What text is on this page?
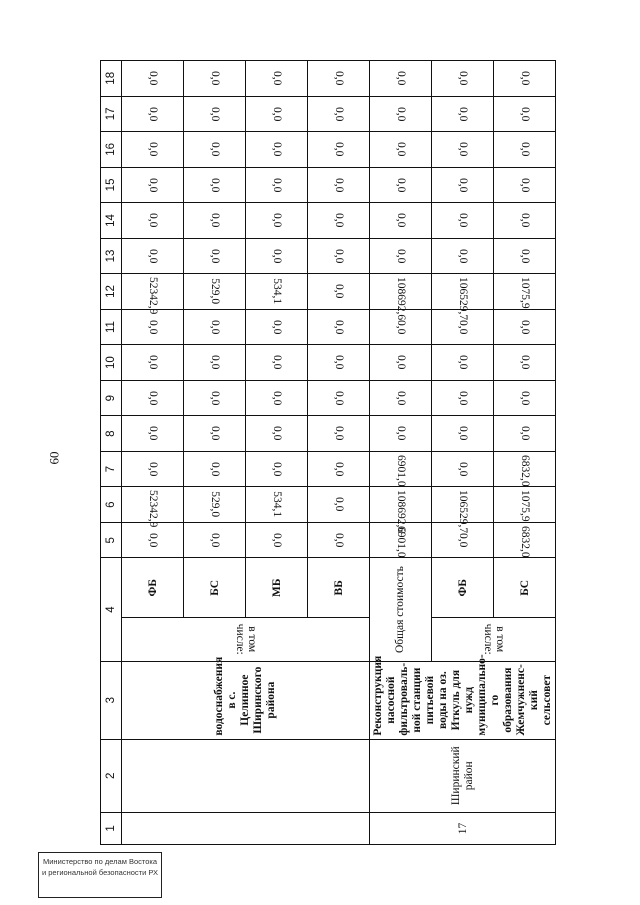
60
1	2	3	4		5	6	7	8	9	10	11	12	13	14	15	16	17	18
		водоснабжения в с. Целинное Ширинского района	в том числе:	ФБ	0,0	52342,9	0,0	0,0	0,0	0,0	0,0	52342,9	0,0	0,0	0,0	0,0	0,0	0,0
				БС	0,0	529,0	0,0	0,0	0,0	0,0	0,0	529,0	0,0	0,0	0,0	0,0	0,0	0,0
				МБ	0,0	534,1	0,0	0,0	0,0	0,0	0,0	534,1	0,0	0,0	0,0	0,0	0,0	0,0
				ВБ	0,0	0,0	0,0	0,0	0,0	0,0	0,0	0,0	0,0	0,0	0,0	0,0	0,0	0,0
17	Ширинский район	Реконструкция насосной фильтроваль-ной станции питьевой воды на оз. Иткуль для нужд муниципально-го образования Жемчужненс-кий сельсовет	Общая стоимость		6901,0	108692,6	6901,0	0,0	0,0	0,0	0,0	108692,6	0,0	0,0	0,0	0,0	0,0	0,0
			в том числе:	ФБ	0,0	106529,7	0,0	0,0	0,0	0,0	0,0	106529,7	0,0	0,0	0,0	0,0	0,0	0,0
				БС	6832,0	1075,9	6832,0	0,0	0,0	0,0	0,0	1075,9	0,0	0,0	0,0	0,0	0,0	0,0
Министерство по делам Востока и региональной безопасности РХ
